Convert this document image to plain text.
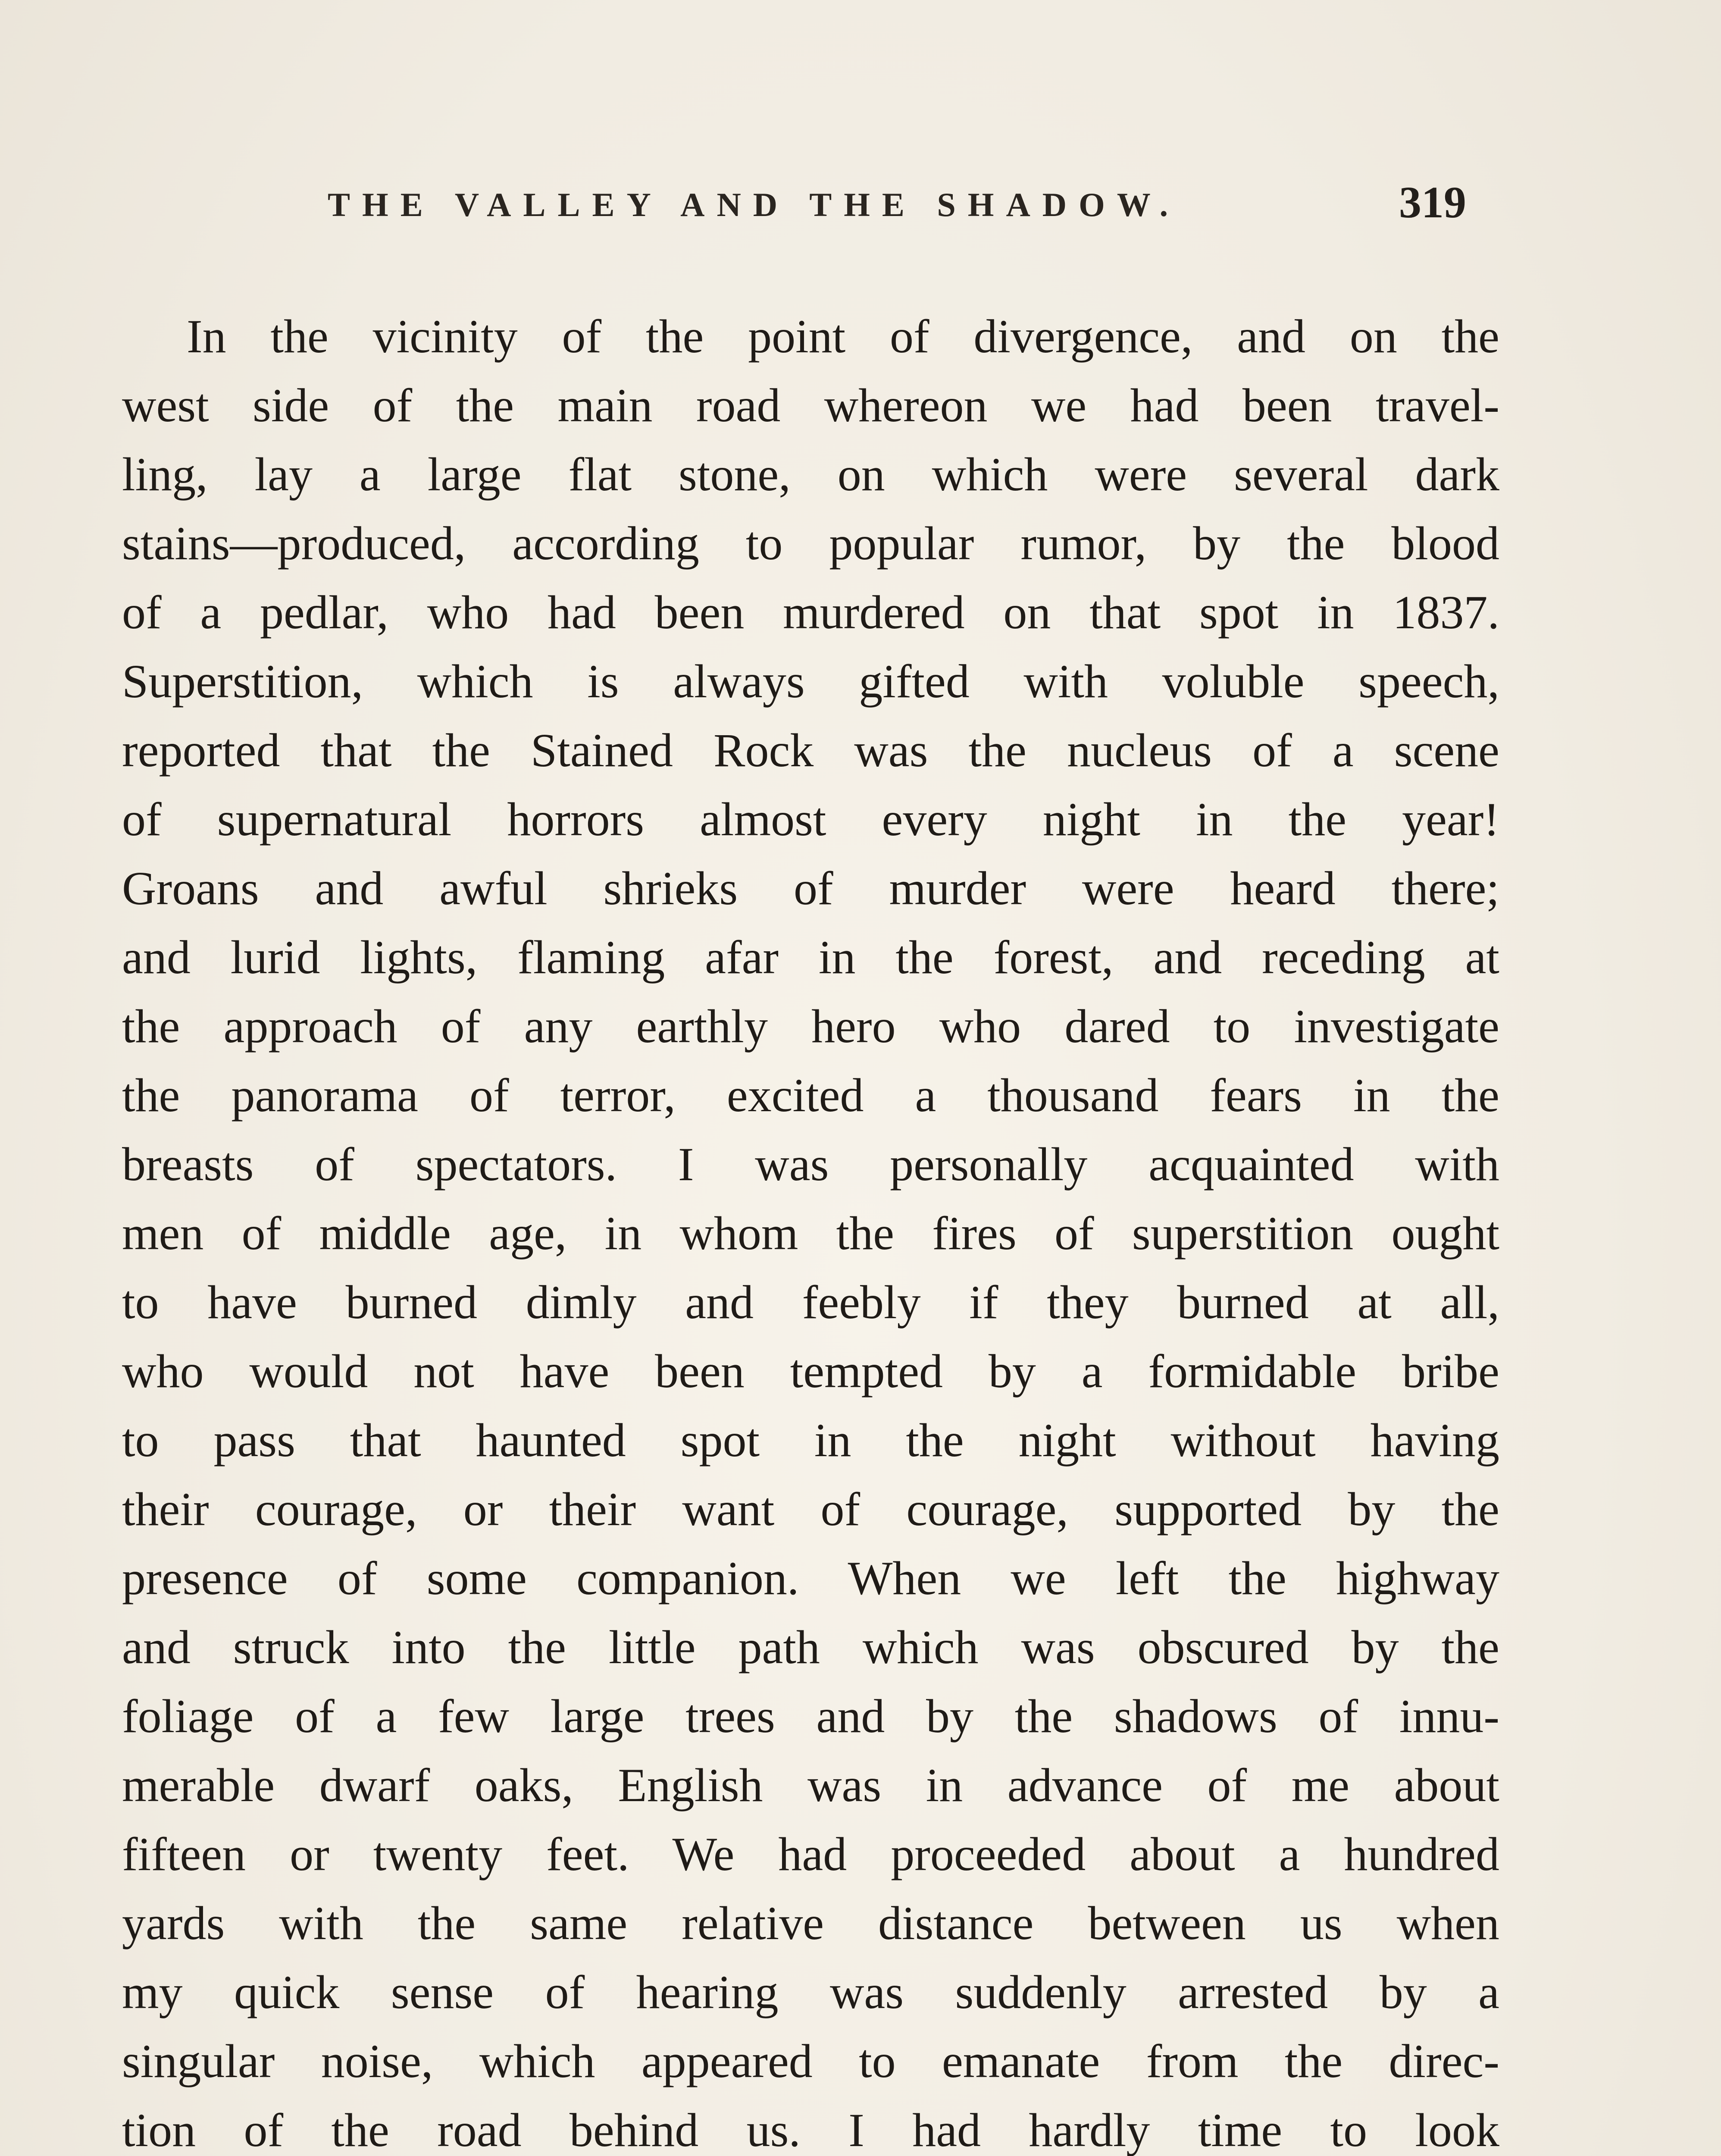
THE VALLEY AND THE SHADOW.	319
In the vicinity of the point of divergence, and on the
west side of the main road whereon we had been travel-
ling, lay a large flat stone, on which were several dark
stains—produced, according to popular rumor, by the blood
of a pedlar, who had been murdered on that spot in 1837.
Superstition, which is always gifted with voluble speech,
reported that the Stained Rock was the nucleus of a scene
of supernatural horrors almost every night in the year!
Groans and awful shrieks of murder were heard there;
and lurid lights, flaming afar in the forest, and receding at
the approach of any earthly hero who dared to investigate
the panorama of terror, excited a thousand fears in the
breasts of spectators. I was personally acquainted with
men of middle age, in whom the fires of superstition ought
to have burned dimly and feebly if they burned at all,
who would not have been tempted by a formidable bribe
to pass that haunted spot in the night without having
their courage, or their want of courage, supported by the
presence of some companion. When we left the highway
and struck into the little path which was obscured by the
foliage of a few large trees and by the shadows of innu-
merable dwarf oaks, English was in advance of me about
fifteen or twenty feet. We had proceeded about a hundred
yards with the same relative distance between us when
my quick sense of hearing was suddenly arrested by a
singular noise, which appeared to emanate from the direc-
tion of the road behind us. I had hardly time to look
